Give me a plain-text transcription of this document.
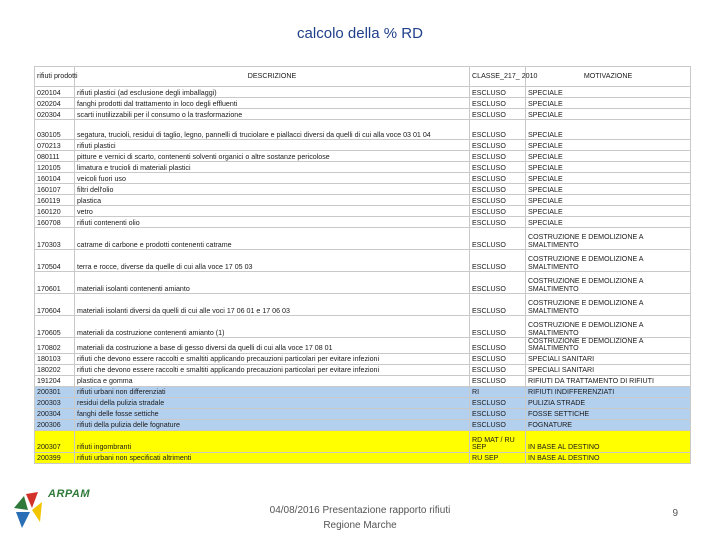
calcolo della % RD
rifiuti prodotti	DESCRIZIONE	CLASSE_217_ 2010	MOTIVAZIONE
020104	rifiuti plastici (ad esclusione degli imballaggi)	ESCLUSO	SPECIALE
020204	fanghi prodotti dal trattamento in loco degli effluenti	ESCLUSO	SPECIALE
020304	scarti inutilizzabili per il consumo o la trasformazione	ESCLUSO	SPECIALE
030105	segatura, trucioli, residui di taglio, legno, pannelli di truciolare e piallacci diversi da quelli di cui alla voce 03 01 04	ESCLUSO	SPECIALE
070213	rifiuti plastici	ESCLUSO	SPECIALE
080111	pitture e vernici di scarto, contenenti solventi organici o altre sostanze pericolose	ESCLUSO	SPECIALE
120105	limatura e trucioli di materiali plastici	ESCLUSO	SPECIALE
160104	veicoli fuori uso	ESCLUSO	SPECIALE
160107	filtri dell'olio	ESCLUSO	SPECIALE
160119	plastica	ESCLUSO	SPECIALE
160120	vetro	ESCLUSO	SPECIALE
160708	rifiuti contenenti olio	ESCLUSO	SPECIALE
170303	catrame di carbone e prodotti contenenti catrame	ESCLUSO	COSTRUZIONE E DEMOLIZIONE A SMALTIMENTO
170504	terra e rocce, diverse da quelle di cui alla voce 17 05 03	ESCLUSO	COSTRUZIONE E DEMOLIZIONE A SMALTIMENTO
170601	materiali isolanti contenenti amianto	ESCLUSO	COSTRUZIONE E DEMOLIZIONE A SMALTIMENTO
170604	materiali isolanti diversi da quelli di cui alle voci 17 06 01 e 17 06 03	ESCLUSO	COSTRUZIONE E DEMOLIZIONE A SMALTIMENTO
170605	materiali da costruzione contenenti amianto (1)	ESCLUSO	COSTRUZIONE E DEMOLIZIONE A SMALTIMENTO
170802	materiali da costruzione a base di gesso diversi da quelli di cui alla voce 17 08 01	ESCLUSO	COSTRUZIONE E DEMOLIZIONE A SMALTIMENTO
180103	rifiuti che devono essere raccolti e smaltiti applicando precauzioni particolari per evitare infezioni	ESCLUSO	SPECIALI SANITARI
180202	rifiuti che devono essere raccolti e smaltiti applicando precauzioni particolari per evitare infezioni	ESCLUSO	SPECIALI SANITARI
191204	plastica e gomma	ESCLUSO	RIFIUTI DA TRATTAMENTO DI RIFIUTI
200301	rifiuti urbani non differenziati	RI	RIFIUTI INDIFFERENZIATI
200303	residui della pulizia stradale	ESCLUSO	PULIZIA STRADE
200304	fanghi delle fosse settiche	ESCLUSO	FOSSE SETTICHE
200306	rifiuti della pulizia delle fognature	ESCLUSO	FOGNATURE
200307	rifiuti ingombranti	RD MAT / RU SEP	IN BASE AL DESTINO
200399	rifiuti urbani non specificati altrimenti	RU SEP	IN BASE AL DESTINO
ARPAM
04/08/2016 Presentazione rapporto rifiuti
Regione Marche
9
